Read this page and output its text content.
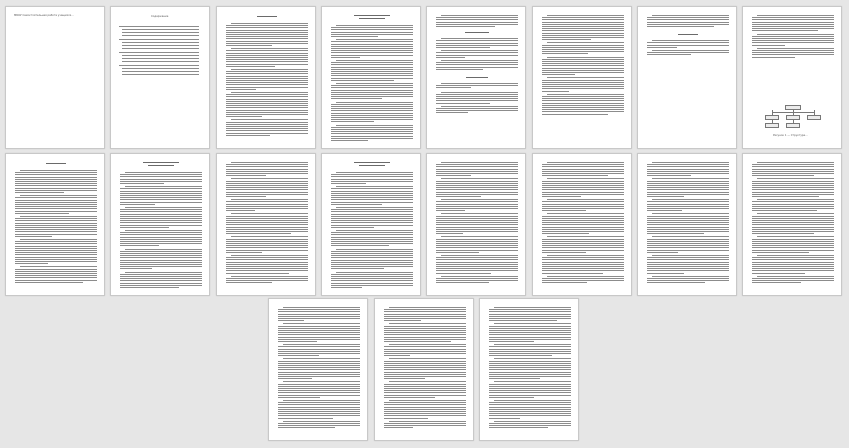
МБОУ Самостоятельная работа учащихся...	Содержание
Рисунок 1 — Структура...
